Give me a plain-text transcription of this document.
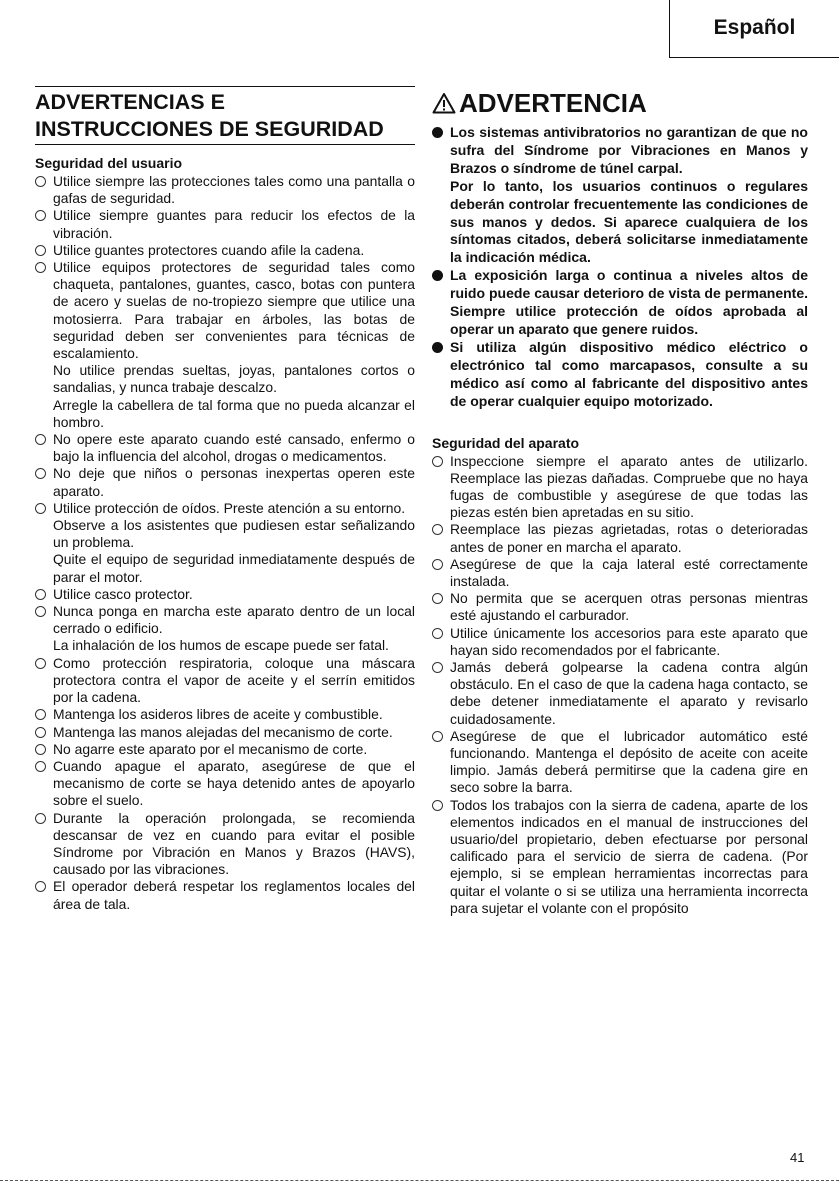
Español
ADVERTENCIAS E
INSTRUCCIONES DE SEGURIDAD
Seguridad del usuario
Utilice siempre las protecciones tales como una pantalla o gafas de seguridad.
Utilice siempre guantes para reducir los efectos de la vibración.
Utilice guantes protectores cuando afile la cadena.
Utilice equipos protectores de seguridad tales como chaqueta, pantalones, guantes, casco, botas con puntera de acero y suelas de no-tropiezo siempre que utilice una motosierra. Para trabajar en árboles, las botas de seguridad deben ser convenientes para técnicas de escalamiento.
No utilice prendas sueltas, joyas, pantalones cortos o sandalias, y nunca trabaje descalzo.
Arregle la cabellera de tal forma que no pueda alcanzar el hombro.
No opere este aparato cuando esté cansado, enfermo o bajo la influencia del alcohol, drogas o medicamentos.
No deje que niños o personas inexpertas operen este aparato.
Utilice protección de oídos. Preste atención a su entorno.
Observe a los asistentes que pudiesen estar señalizando un problema.
Quite el equipo de seguridad inmediatamente después de parar el motor.
Utilice casco protector.
Nunca ponga en marcha este aparato dentro de un local cerrado o edificio.
La inhalación de los humos de escape puede ser fatal.
Como protección respiratoria, coloque una máscara protectora contra el vapor de aceite y el serrín emitidos por la cadena.
Mantenga los asideros libres de aceite y combustible.
Mantenga las manos alejadas del mecanismo de corte.
No agarre este aparato por el mecanismo de corte.
Cuando apague el aparato, asegúrese de que el mecanismo de corte se haya detenido antes de apoyarlo sobre el suelo.
Durante la operación prolongada, se recomienda descansar de vez en cuando para evitar el posible Síndrome por Vibración en Manos y Brazos (HAVS), causado por las vibraciones.
El operador deberá respetar los reglamentos locales del área de tala.
ADVERTENCIA
Los sistemas antivibratorios no garantizan de que no sufra del Síndrome por Vibraciones en Manos y Brazos o síndrome de túnel carpal.
Por lo tanto, los usuarios continuos o regulares deberán controlar frecuentemente las condiciones de sus manos y dedos. Si aparece cualquiera de los síntomas citados, deberá solicitarse inmediatamente la indicación médica.
La exposición larga o continua a niveles altos de ruido puede causar deterioro de vista de permanente. Siempre utilice protección de oídos aprobada al operar un aparato que genere ruidos.
Si utiliza algún dispositivo médico eléctrico o electrónico tal como marcapasos, consulte a su médico así como al fabricante del dispositivo antes de operar cualquier equipo motorizado.
Seguridad del aparato
Inspeccione siempre el aparato antes de utilizarlo. Reemplace las piezas dañadas. Compruebe que no haya fugas de combustible y asegúrese de que todas las piezas estén bien apretadas en su sitio.
Reemplace las piezas agrietadas, rotas o deterioradas antes de poner en marcha el aparato.
Asegúrese de que la caja lateral esté correctamente instalada.
No permita que se acerquen otras personas mientras esté ajustando el carburador.
Utilice únicamente los accesorios para este aparato que hayan sido recomendados por el fabricante.
Jamás deberá golpearse la cadena contra algún obstáculo. En el caso de que la cadena haga contacto, se debe detener inmediatamente el aparato y revisarlo cuidadosamente.
Asegúrese de que el lubricador automático esté funcionando. Mantenga el depósito de aceite con aceite limpio. Jamás deberá permitirse que la cadena gire en seco sobre la barra.
Todos los trabajos con la sierra de cadena, aparte de los elementos indicados en el manual de instrucciones del usuario/del propietario, deben efectuarse por personal calificado para el servicio de sierra de cadena. (Por ejemplo, si se emplean herramientas incorrectas para quitar el volante o si se utiliza una herramienta incorrecta para sujetar el volante con el propósito
41
